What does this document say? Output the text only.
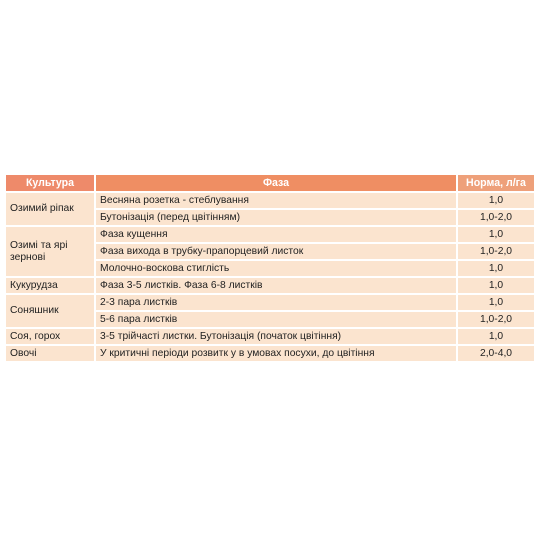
Культура	Фаза	Норма, л/га
Озимий ріпак	Весняна розетка - стеблування	1,0
	Бутонізація (перед цвітінням)	1,0-2,0
Озимі та ярі зернові	Фаза кущення	1,0
	Фаза вихода в трубку-прапорцевий листок	1,0-2,0
	Молочно-воскова стиглість	1,0
Кукурудза	Фаза 3-5 листків. Фаза 6-8 листків	1,0
Соняшник	2-3 пара листків	1,0
	5-6 пара листків	1,0-2,0
Соя, горох	3-5 трійчасті листки. Бутонізація (початок цвітіння)	1,0
Овочі	У критичні періоди розвитк у в умовах посухи, до цвітіння	2,0-4,0
